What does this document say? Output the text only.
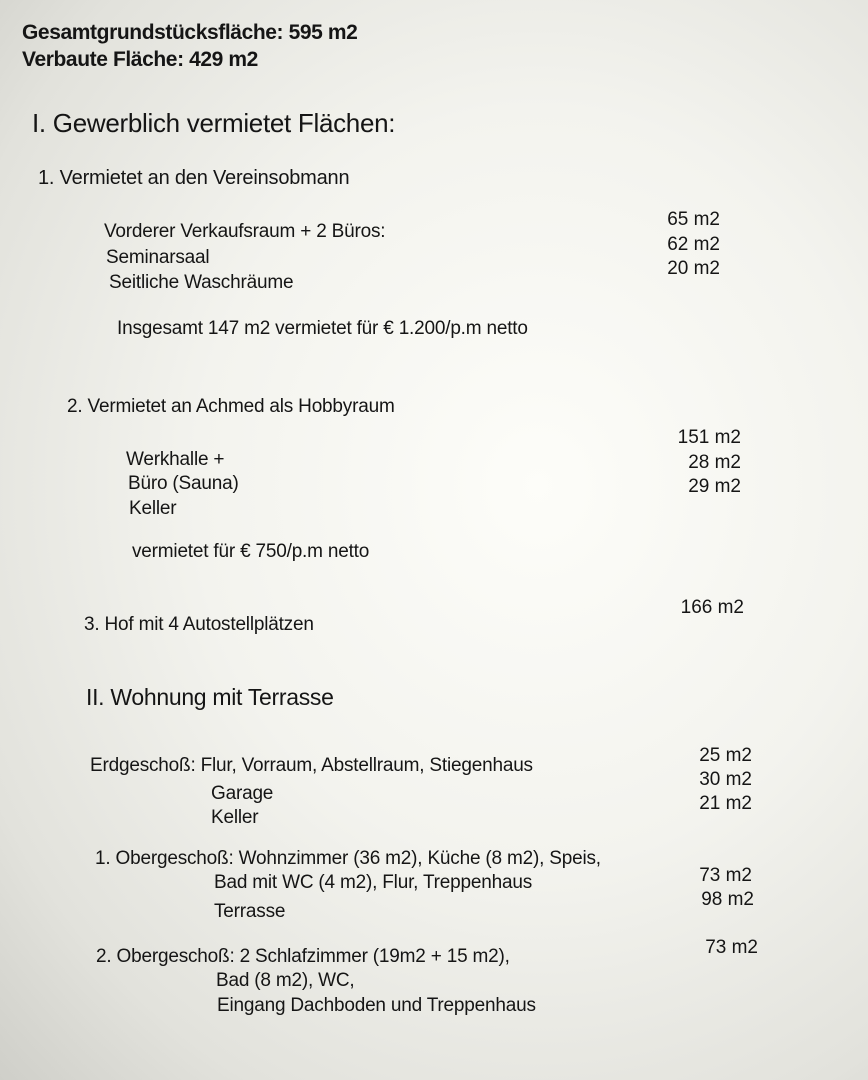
Gesamtgrundstücksfläche: 595 m2
Verbaute Fläche: 429 m2
I. Gewerblich vermietet Flächen:
1. Vermietet an den Vereinsobmann
Vorderer Verkaufsraum + 2 Büros:
Seminarsaal
Seitliche Waschräume
65 m2
62 m2
20 m2
Insgesamt 147 m2 vermietet für € 1.200/p.m netto
2. Vermietet an Achmed als Hobbyraum
Werkhalle +
Büro (Sauna)
Keller
151 m2
28 m2
29 m2
vermietet für € 750/p.m netto
166 m2
3. Hof mit 4 Autostellplätzen
II. Wohnung mit Terrasse
Erdgeschoß: Flur, Vorraum, Abstellraum, Stiegenhaus
Garage
Keller
25 m2
30 m2
21 m2
1. Obergeschoß: Wohnzimmer (36 m2), Küche (8 m2), Speis,
Bad mit WC (4 m2), Flur, Treppenhaus
Terrasse
73 m2
98 m2
2. Obergeschoß: 2 Schlafzimmer (19m2 + 15 m2),
Bad (8 m2), WC,
Eingang Dachboden und Treppenhaus
73 m2
